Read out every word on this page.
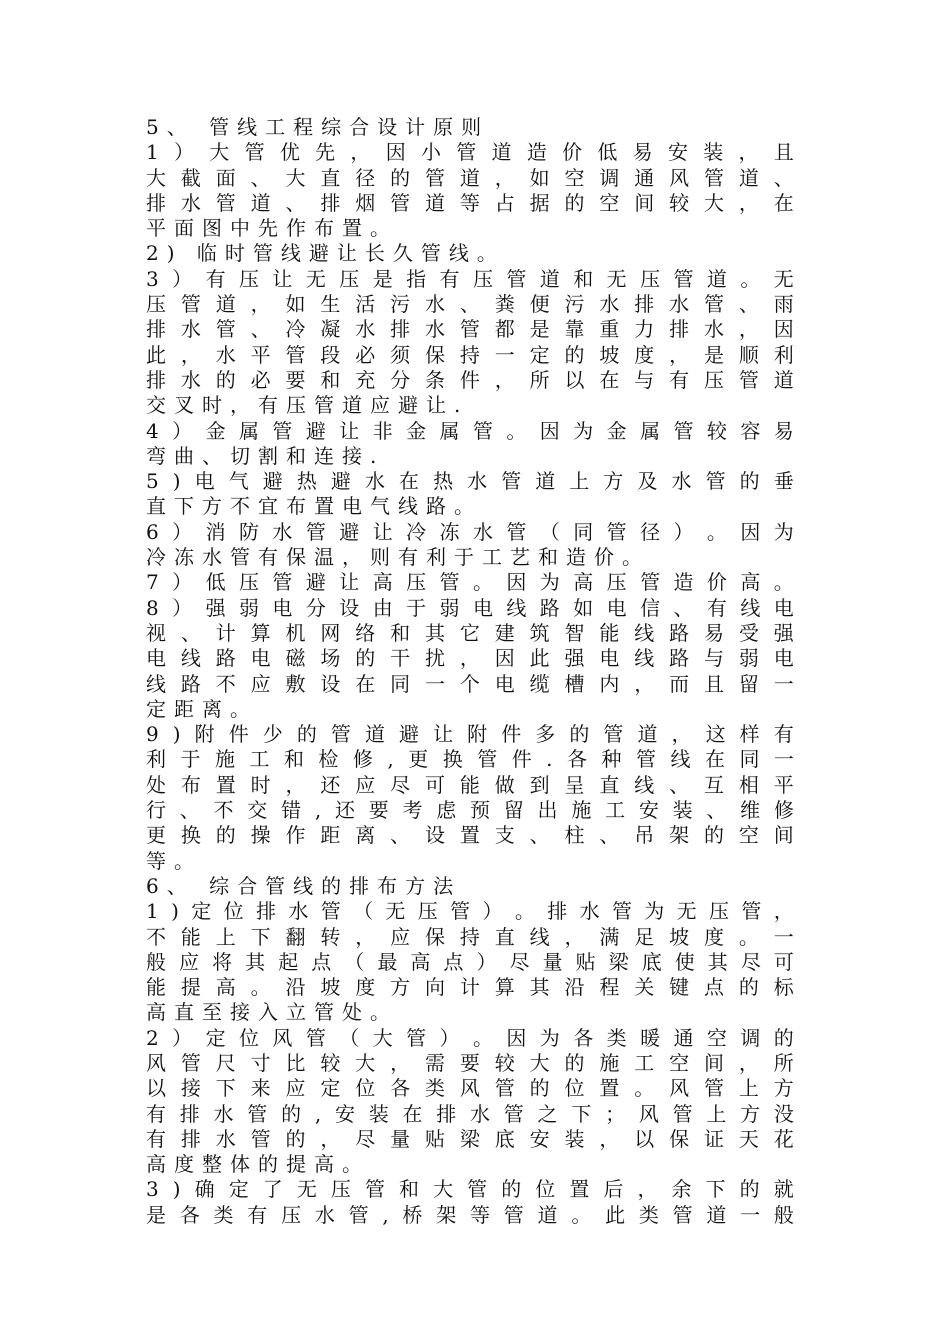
5、 管线工程综合设计原则
1 ） 大 管 优 先 ， 因 小 管 道 造 价 低 易 安 装 ， 且
大 截 面 、 大 直 径 的 管 道 ， 如 空 调 通 风 管 道 、
排 水 管 道 、 排 烟 管 道 等 占 据 的 空 间 较 大 ， 在
平面图中先作布置。
2) 临时管线避让长久管线。
3 ） 有 压 让 无 压 是 指 有 压 管 道 和 无 压 管 道 。 无
压 管 道 ， 如 生 活 污 水 、 粪 便 污 水 排 水 管 、 雨
排 水 管 、 冷 凝 水 排 水 管 都 是 靠 重 力 排 水 ， 因
此 ， 水 平 管 段 必 须 保 持 一 定 的 坡 度 ， 是 顺 利
排 水 的 必 要 和 充 分 条 件 ， 所 以 在 与 有 压 管 道
交叉时，有压管道应避让.
4 ） 金 属 管 避 让 非 金 属 管 。 因 为 金 属 管 较 容 易
弯曲、切割和连接.
5 ) 电 气 避 热 避 水 在 热 水 管 道 上 方 及 水 管 的 垂
直下方不宜布置电气线路。
6 ） 消 防 水 管 避 让 冷 冻 水 管 （ 同 管 径 ） 。 因 为
冷冻水管有保温，则有利于工艺和造价。
7 ） 低 压 管 避 让 高 压 管 。 因 为 高 压 管 造 价 高 。
8 ） 强 弱 电 分 设 由 于 弱 电 线 路 如 电 信 、 有 线 电
视 、 计 算 机 网 络 和 其 它 建 筑 智 能 线 路 易 受 强
电 线 路 电 磁 场 的 干 扰 ， 因 此 强 电 线 路 与 弱 电
线 路 不 应 敷 设 在 同 一 个 电 缆 槽 内 ， 而 且 留 一
定距离。
9 ) 附 件 少 的 管 道 避 让 附 件 多 的 管 道 ， 这 样 有
利 于 施 工 和 检 修 , 更 换 管 件 . 各 种 管 线 在 同 一
处 布 置 时 ， 还 应 尽 可 能 做 到 呈 直 线 、 互 相 平
行 、 不 交 错 , 还 要 考 虑 预 留 出 施 工 安 装 、 维 修
更 换 的 操 作 距 离 、 设 置 支 、 柱 、 吊 架 的 空 间
等。
6、 综合管线的排布方法
1 ) 定 位 排 水 管 （ 无 压 管 ） 。 排 水 管 为 无 压 管 ，
不 能 上 下 翻 转 ， 应 保 持 直 线 ， 满 足 坡 度 。 一
般 应 将 其 起 点 （ 最 高 点 ） 尽 量 贴 梁 底 使 其 尽 可
能 提 高 。 沿 坡 度 方 向 计 算 其 沿 程 关 键 点 的 标
高直至接入立管处。
2 ） 定 位 风 管 （ 大 管 ） 。 因 为 各 类 暖 通 空 调 的
风 管 尺 寸 比 较 大 ， 需 要 较 大 的 施 工 空 间 ， 所
以 接 下 来 应 定 位 各 类 风 管 的 位 置 。 风 管 上 方
有 排 水 管 的 , 安 装 在 排 水 管 之 下 ； 风 管 上 方 没
有 排 水 管 的 ， 尽 量 贴 梁 底 安 装 ， 以 保 证 天 花
高度整体的提高。
3 ) 确 定 了 无 压 管 和 大 管 的 位 置 后 ， 余 下 的 就
是 各 类 有 压 水 管 , 桥 架 等 管 道 。 此 类 管 道 一 般
